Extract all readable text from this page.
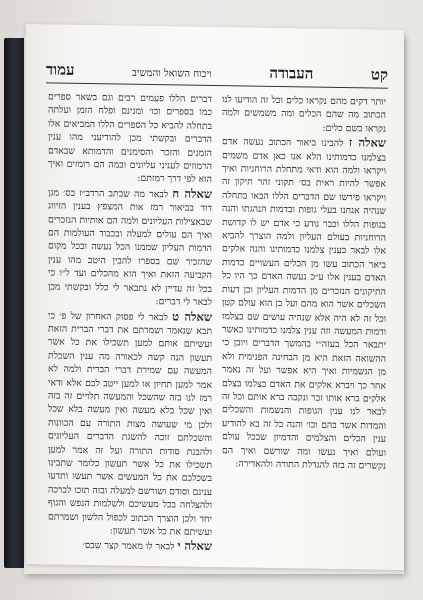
קט
העבודה
ויכוח השואל והמשיב
עמוד

יותר דקים מהם נקראו כלים וכל זה הודיעו לנו הכתוב מה שהם הכלים ומה משמשים ולמה נקראו בשם כלים:

שאלה ז להבינו ביאור הכתוב נעשה אדם בצלמנו כדמותינו הלא אנו כאן אדם משמים ויקראו ולמה הוא ודאי מתחלת הרוחניות ואיך אפשר להיות ראית בס׳ תקוני זהר תיקון זה ויקראו פירשו שם הדברים הללו הבאו בתחלה שנהיה אנחנו בעלי גופות ובדמות הנהגתו והנה בגופות הללו וכבר נודע כי אדם יש לו קדושת הרוחניות בעולם העליון ולמה הוצרך להביא אלו לבאר בענין צלמנו כדמותינו והנה אלקים ביאר הכתוב עשו מן הכלים העשויים כדמות האדם בענין אלו ע״כ נעשה האדם כך היו כל התיקונים הנזכרים מן הדמות העליון וכן דעות השכלים אשר הוא מהם ועל כן הוא עולם קטן וכל זה לא היה אלא שנהיה עושים שם בצלמו ודמות המעשה וזה ענין צלמנו כדמותינו כאשר יתבאר הכל בעזה״י בהמשך הדברים ויובן כי ההשואה הזאת היא מן הבחינה הפנימית ולא מן הגשמיות ואיך היא אפשר ועל זה נאמר אחר כך ויברא אלקים את האדם בצלמו בצלם אלקים ברא אותו זכר ונקבה ברא אותם וכל זה לבאר לנו ענין הגופות והנשמות והשכלים והמדות אשר בהם וכו׳ והנה כל זה בא להודיע ענין הכלים והצלמים והדמיון שבכל עולם ועולם ואיך נעשו ומה שורשם ואיך הם נקשרים זה בזה להגדלת התורה ולהאדירה:

דברים הללו פעמים רבים וגם בשאר ספרים כמו בספרים וכו׳ ומנינם ופלח הזמן ועלתה בתחלה להביא כל הספרים הללו המביאים אלו הדברים ובקשתי מכן להודיעני מהו ענין הזמנים והזכר והסימנים והדמותא שבאדם הרמוזים לעניני עליונים ובמה הם רומזים ואיך הוא לפי דרך רמזתם:

שאלה ח לבאר מה שכתב הרדב״ז בס׳ מגן דוד בביאור רמז אות המצפץ בענין הזיווג שבאצילות העליונים ולמה הם אותיות הנזכרים ואיך הם עולים למעלה ובכבוד העולמות הם הדמות העליון שממנו הכל נעשה ובכל מקום שהזכיר שם בספרו להבין היטב מהו ענין הקביעה הזאת ואיך הוא מהכלים ועד ל״ו כי בכל זה עדיין לא נתבאר לי כלל ובקשתי מכן לבאר לי דברים:

שאלה ט לבאר לי פסוק האחרון של פ׳ כי תבא שנאמר ושמרתם את דברי הברית הזאת ועשיתם אותם למען תשכילו את כל אשר תעשון הנה קשה לכאורה מה ענין השכלת המעשה עם שמירת דברי הברית ולמה לא אמר למען תחיון או למען ייטב לכם אלא ודאי רמז לנו בזה שהשכל והמעשה תלויים זה בזה ואין שכל בלא מעשה ואין מעשה בלא שכל ולכן מי שעושה מצות התורה עם הכוונות והשכלתם זוכה להשגת הדברים העליונים ולהבנת סודות התורה ועל זה אמר למען תשכילו את כל אשר תעשון כלומר שתבינו בשכלכם את כל המעשים אשר תעשו ותדעו ענינם וסודם ושורשם למעלה ובזה תזכו לברכה ולהצלחה בכל מעשיכם ולשלמות הנפש והגוף יחד ולכן הוצרך הכתוב לכפול הלשון ושמרתם ועשיתם את כל אשר תעשון:

שאלה י לבאר לו מאמר קצר שבס׳
